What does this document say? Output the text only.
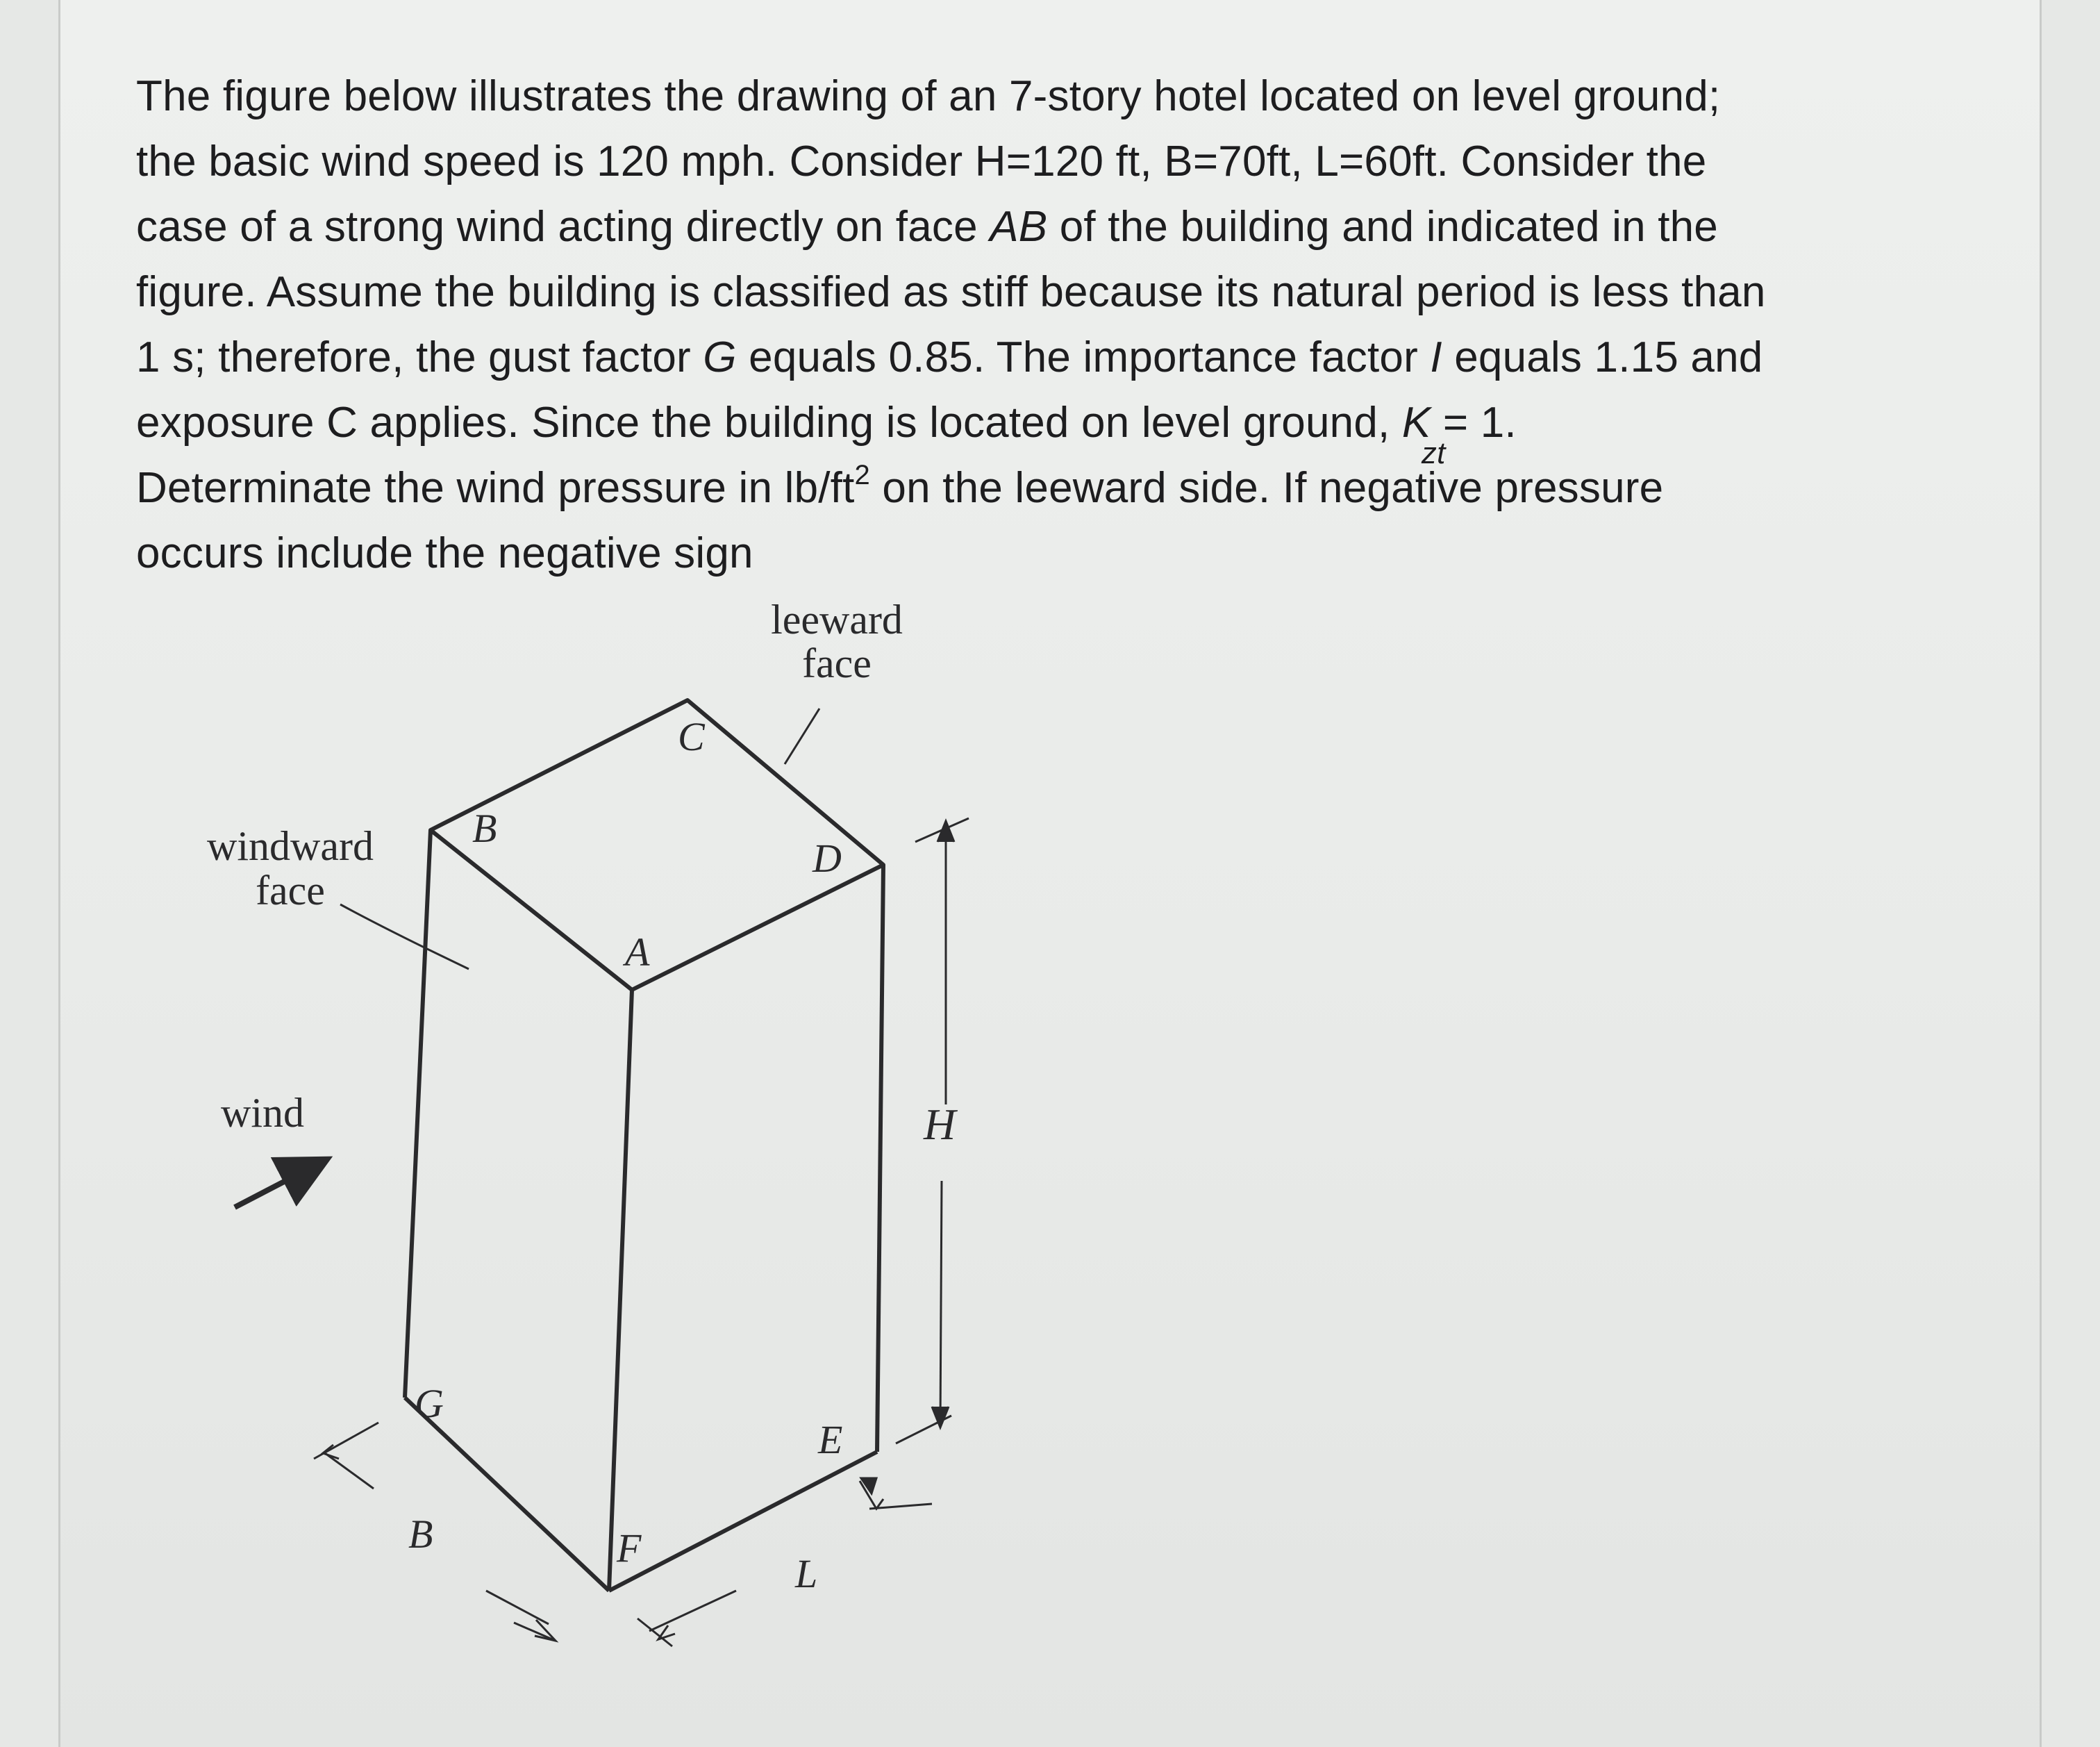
The figure below illustrates the drawing of an 7-story hotel located on level ground;
the basic wind speed is 120 mph. Consider H=120 ft, B=70ft, L=60ft. Consider the
case of a strong wind acting directly on face AB of the building and indicated in the
figure. Assume the building is classified as stiff because its natural period is less than
1 s; therefore, the gust factor G equals 0.85. The importance factor I equals 1.15 and
exposure C applies. Since the building is located on level ground, K
zt
= 1.
Determinate the wind pressure in $lb/ft^2$ on the leeward side. If negative pressure
occurs include the negative sign
leeward
face
windward
face
wind
C
B
D
A
G
E
F
B
L
H
